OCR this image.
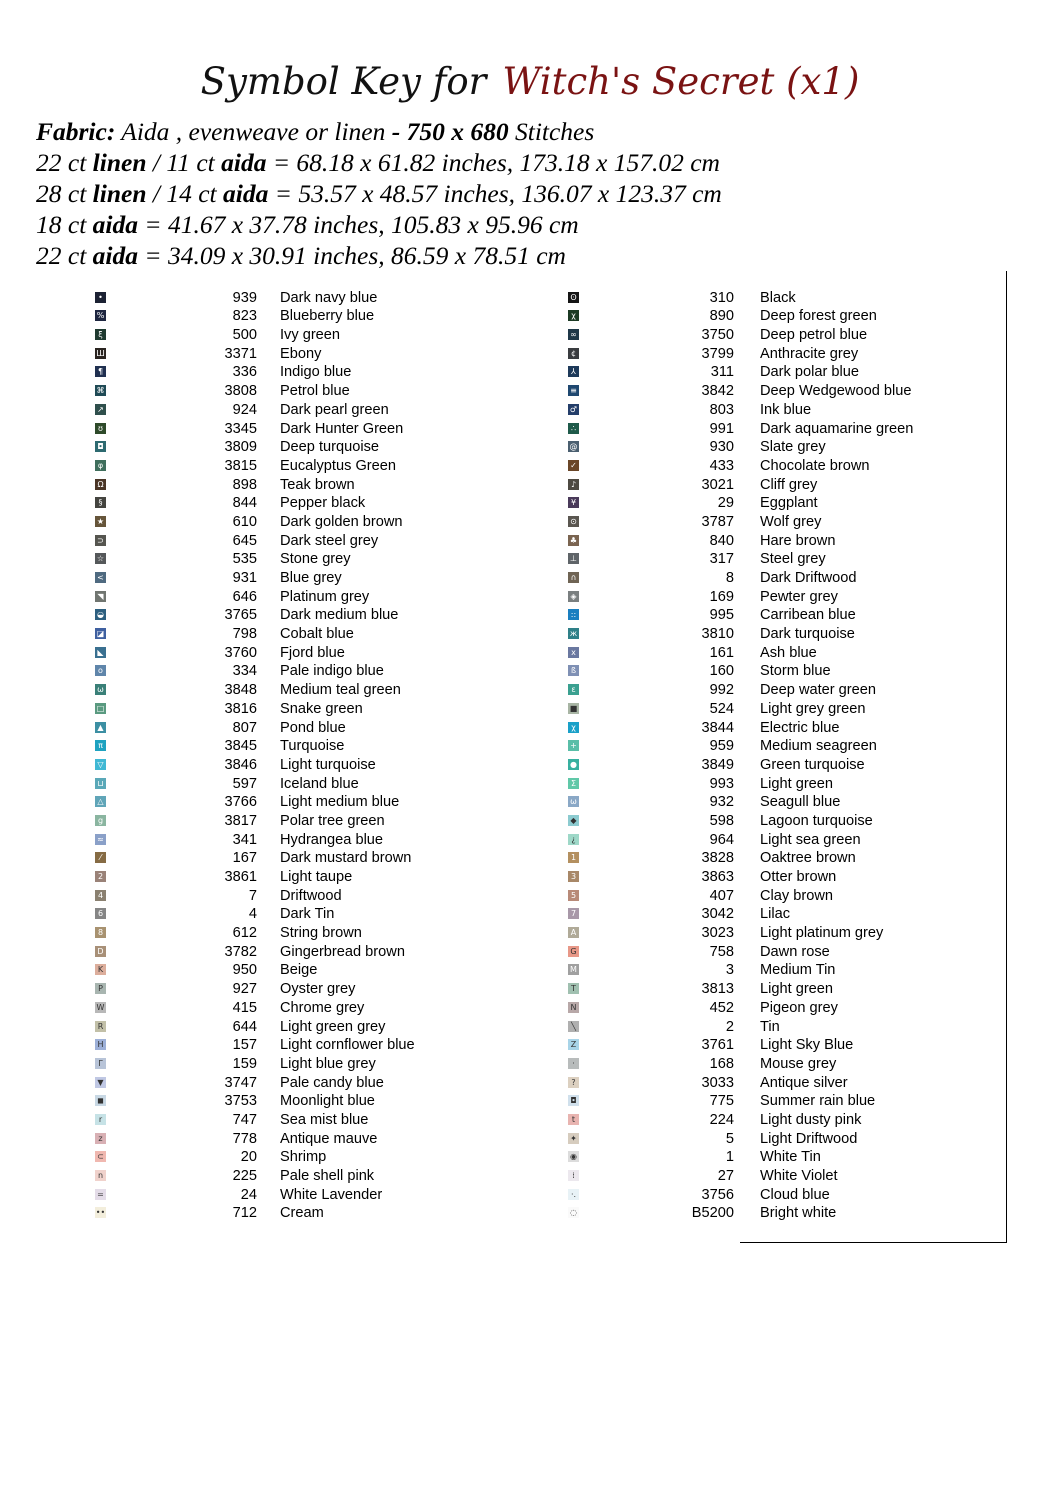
Symbol Key for Witch's Secret (x1)
Fabric: Aida , evenweave or linen - 750 x 680 Stitches
22 ct linen / 11 ct aida = 68.18 x 61.82 inches, 173.18 x 157.02 cm
28 ct linen / 14 ct aida = 53.57 x 48.57 inches, 136.07 x 123.37 cm
18 ct aida = 41.67 x 37.78 inches, 105.83 x 95.96 cm
22 ct aida = 34.09 x 30.91 inches, 86.59 x 78.51 cm
•	939 Dark navy blue
%	823 Blueberry blue
ξ	500 Ivy green
Ш	3371 Ebony
¶	336 Indigo blue
⌘	3808 Petrol blue
↗	924 Dark pearl green
ʊ	3345 Dark Hunter Green
◘	3809 Deep turquoise
φ	3815 Eucalyptus Green
Ω	898 Teak brown
§	844 Pepper black
★	610 Dark golden brown
⊃	645 Dark steel grey
☆	535 Stone grey
<	931 Blue grey
◥	646 Platinum grey
◒	3765 Dark medium blue
◪	798 Cobalt blue
◣	3760 Fjord blue
o	334 Pale indigo blue
ω	3848 Medium teal green
□	3816 Snake green
▲	807 Pond blue
π	3845 Turquoise
▽	3846 Light turquoise
⊔	597 Iceland blue
△	3766 Light medium blue
g	3817 Polar tree green
≈	341 Hydrangea blue
⁄	167 Dark mustard brown
2	3861 Light taupe
4	7 Driftwood
6	4 Dark Tin
8	612 String brown
D	3782 Gingerbread brown
K	950 Beige
P	927 Oyster grey
W	415 Chrome grey
R	644 Light green grey
H	157 Light cornflower blue
Γ	159 Light blue grey
▼	3747 Pale candy blue
◼	3753 Moonlight blue
r	747 Sea mist blue
z	778 Antique mauve
⊂	20 Shrimp
n	225 Pale shell pink
=	24 White Lavender
••	712 Cream
ʘ	310 Black
χ	890 Deep forest green
∞	3750 Deep petrol blue
¢	3799 Anthracite grey
⅄	311 Dark polar blue
≡	3842 Deep Wedgewood blue
♂	803 Ink blue
∴	991 Dark aquamarine green
@	930 Slate grey
✓	433 Chocolate brown
♪	3021 Cliff grey
¥	29 Eggplant
⊙	3787 Wolf grey
♣	840 Hare brown
⊥	317 Steel grey
∩	8 Dark Driftwood
◈	169 Pewter grey
::	995 Carribean blue
ж	3810 Dark turquoise
x	161 Ash blue
ß	160 Storm blue
ε	992 Deep water green
■	524 Light grey green
χ	3844 Electric blue
+	959 Medium seagreen
●	3849 Green turquoise
Σ	993 Light green
ω	932 Seagull blue
◆	598 Lagoon turquoise
¿	964 Light sea green
1	3828 Oaktree brown
3	3863 Otter brown
5	407 Clay brown
7	3042 Lilac
A	3023 Light platinum grey
G	758 Dawn rose
M	3 Medium Tin
T	3813 Light green
N	452 Pigeon grey
╲	2 Tin
Z	3761 Light Sky Blue
·	168 Mouse grey
?	3033 Antique silver
◘	775 Summer rain blue
t	224 Light dusty pink
✦	5 Light Driftwood
◉	1 White Tin
⁞	27 White Violet
·.	3756 Cloud blue
◌	B5200 Bright white
